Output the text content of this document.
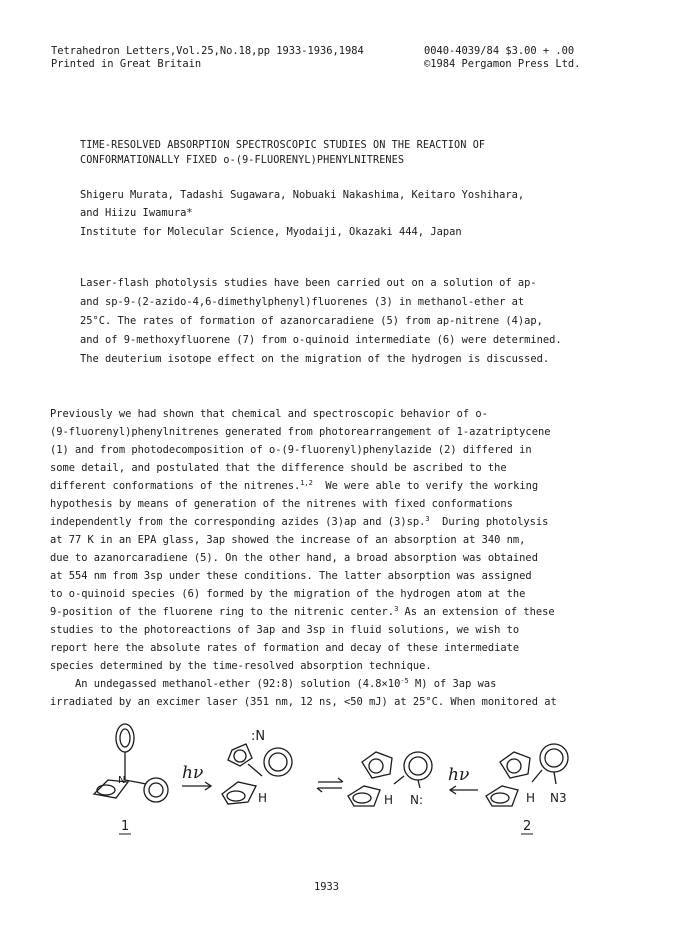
Tetrahedron Letters,Vol.25,No.18,pp 1933-1936,1984	0040-4039/84 $3.00 + .00
Printed in Great Britain	©1984 Pergamon Press Ltd.
TIME-RESOLVED ABSORPTION SPECTROSCOPIC STUDIES ON THE REACTION OF
CONFORMATIONALLY FIXED o-(9-FLUORENYL)PHENYLNITRENES
Shigeru Murata, Tadashi Sugawara, Nobuaki Nakashima, Keitaro Yoshihara,
and Hiizu Iwamura*
Institute for Molecular Science, Myodaiji, Okazaki 444, Japan
Laser-flash photolysis studies have been carried out on a solution of ap-
and sp-9-(2-azido-4,6-dimethylphenyl)fluorenes (3) in methanol-ether at
25°C. The rates of formation of azanorcaradiene (5) from ap-nitrene (4)ap,
and of 9-methoxyfluorene (7) from o-quinoid intermediate (6) were determined.
The deuterium isotope effect on the migration of the hydrogen is discussed.
Previously we had shown that chemical and spectroscopic behavior of o-
(9-fluorenyl)phenylnitrenes generated from photorearrangement of 1-azatriptycene
(1) and from photodecomposition of o-(9-fluorenyl)phenylazide (2) differed in
some detail, and postulated that the difference should be ascribed to the
different conformations of the nitrenes.$^{1,2}$  We were able to verify the working
hypothesis by means of generation of the nitrenes with fixed conformations
independently from the corresponding azides (3)ap and (3)sp.$^3$  During photolysis
at 77 K in an EPA glass, 3ap showed the increase of an absorption at 340 nm,
due to azanorcaradiene (5). On the other hand, a broad absorption was obtained
at 554 nm from 3sp under these conditions. The latter absorption was assigned
to o-quinoid species (6) formed by the migration of the hydrogen atom at the
9-position of the fluorene ring to the nitrenic center.$^3$ As an extension of these
studies to the photoreactions of 3ap and 3sp in fluid solutions, we wish to
report here the absolute rates of formation and decay of these intermediate
species determined by the time-resolved absorption technique.
An undegassed methanol-ether (92:8) solution ($4.8\times 10^{-5}$ M) of 3ap was
irradiated by an excimer laser (351 nm, 12 ns, <50 mJ) at 25°C. When monitored at
N	hν
:N
H	H N:
hν
H N3
1	2
1933
